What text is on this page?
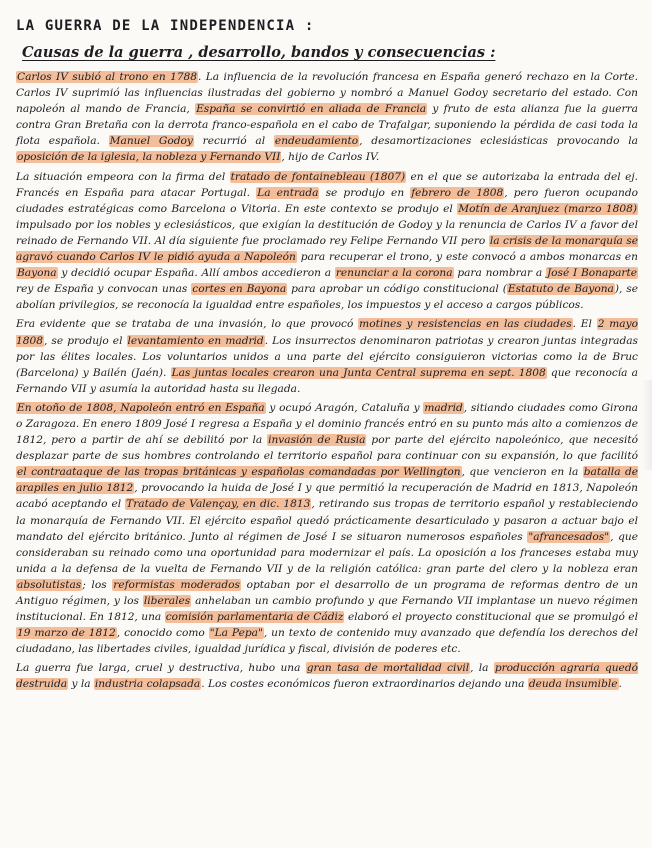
LA GUERRA DE LA INDEPENDENCIA :
Causas de la guerra , desarrollo, bandos y consecuencias :

Carlos IV subió al trono en 1788. La influencia de la revolución francesa en España generó rechazo en la Corte. Carlos IV suprimió las influencias ilustradas del gobierno y nombró a Manuel Godoy secretario del estado. Con napoleón al mando de Francia, España se convirtió en aliada de Francia y fruto de esta alianza fue la guerra contra Gran Bretaña con la derrota franco-española en el cabo de Trafalgar, suponiendo la pérdida de casi toda la flota española. Manuel Godoy recurrió al endeudamiento, desamortizaciones eclesiásticas provocando la oposición de la iglesia, la nobleza y Fernando VII, hijo de Carlos IV.

La situación empeora con la firma del tratado de fontainebleau (1807) en el que se autorizaba la entrada del ej. Francés en España para atacar Portugal. La entrada se produjo en febrero de 1808, pero fueron ocupando ciudades estratégicas como Barcelona o Vitoria. En este contexto se produjo el Motín de Aranjuez (marzo 1808) impulsado por los nobles y eclesiásticos, que exigían la destitución de Godoy y la renuncia de Carlos IV a favor del reinado de Fernando VII. Al día siguiente fue proclamado rey Felipe Fernando VII pero la crisis de la monarquía se agravó cuando Carlos IV le pidió ayuda a Napoleón para recuperar el trono, y este convocó a ambos monarcas en Bayona y decidió ocupar España. Allí ambos accedieron a renunciar a la corona para nombrar a José I Bonaparte rey de España y convocan unas cortes en Bayona para aprobar un código constitucional (Estatuto de Bayona), se abolían privilegios, se reconocía la igualdad entre españoles, los impuestos y el acceso a cargos públicos.

Era evidente que se trataba de una invasión, lo que provocó motines y resistencias en las ciudades. El 2 mayo 1808, se produjo el levantamiento en madrid. Los insurrectos denominaron patriotas y crearon juntas integradas por las élites locales. Los voluntarios unidos a una parte del ejército consiguieron victorias como la de Bruc (Barcelona) y Bailén (Jaén). Las juntas locales crearon una Junta Central suprema en sept. 1808 que reconocía a Fernando VII y asumía la autoridad hasta su llegada.

En otoño de 1808, Napoleón entró en España y ocupó Aragón, Cataluña y madrid, sitiando ciudades como Girona o Zaragoza. En enero 1809 José I regresa a España y el dominio francés entró en su punto más alto a comienzos de 1812, pero a partir de ahí se debilitó por la invasión de Rusia por parte del ejército napoleónico, que necesitó desplazar parte de sus hombres controlando el territorio español para continuar con su expansión, lo que facilitó el contraataque de las tropas británicas y españolas comandadas por Wellington, que vencieron en la batalla de arapiles en julio 1812, provocando la huida de José I y que permitió la recuperación de Madrid en 1813, Napoleón acabó aceptando el Tratado de Valençay, en dic. 1813, retirando sus tropas de territorio español y restableciendo la monarquía de Fernando VII. El ejército español quedó prácticamente desarticulado y pasaron a actuar bajo el mandato del ejército británico. Junto al régimen de José I se situaron numerosos españoles "afrancesados", que consideraban su reinado como una oportunidad para modernizar el país. La oposición a los franceses estaba muy unida a la defensa de la vuelta de Fernando VII y de la religión católica: gran parte del clero y la nobleza eran absolutistas; los reformistas moderados optaban por el desarrollo de un programa de reformas dentro de un Antiguo régimen, y los liberales anhelaban un cambio profundo y que Fernando VII implantase un nuevo régimen institucional. En 1812, una comisión parlamentaria de Cádiz elaboró el proyecto constitucional que se promulgó el 19 marzo de 1812, conocido como "La Pepa", un texto de contenido muy avanzado que defendía los derechos del ciudadano, las libertades civiles, igualdad jurídica y fiscal, división de poderes etc.

La guerra fue larga, cruel y destructiva, hubo una gran tasa de mortalidad civil, la producción agraria quedó destruida y la industria colapsada. Los costes económicos fueron extraordinarios dejando una deuda insumible.
